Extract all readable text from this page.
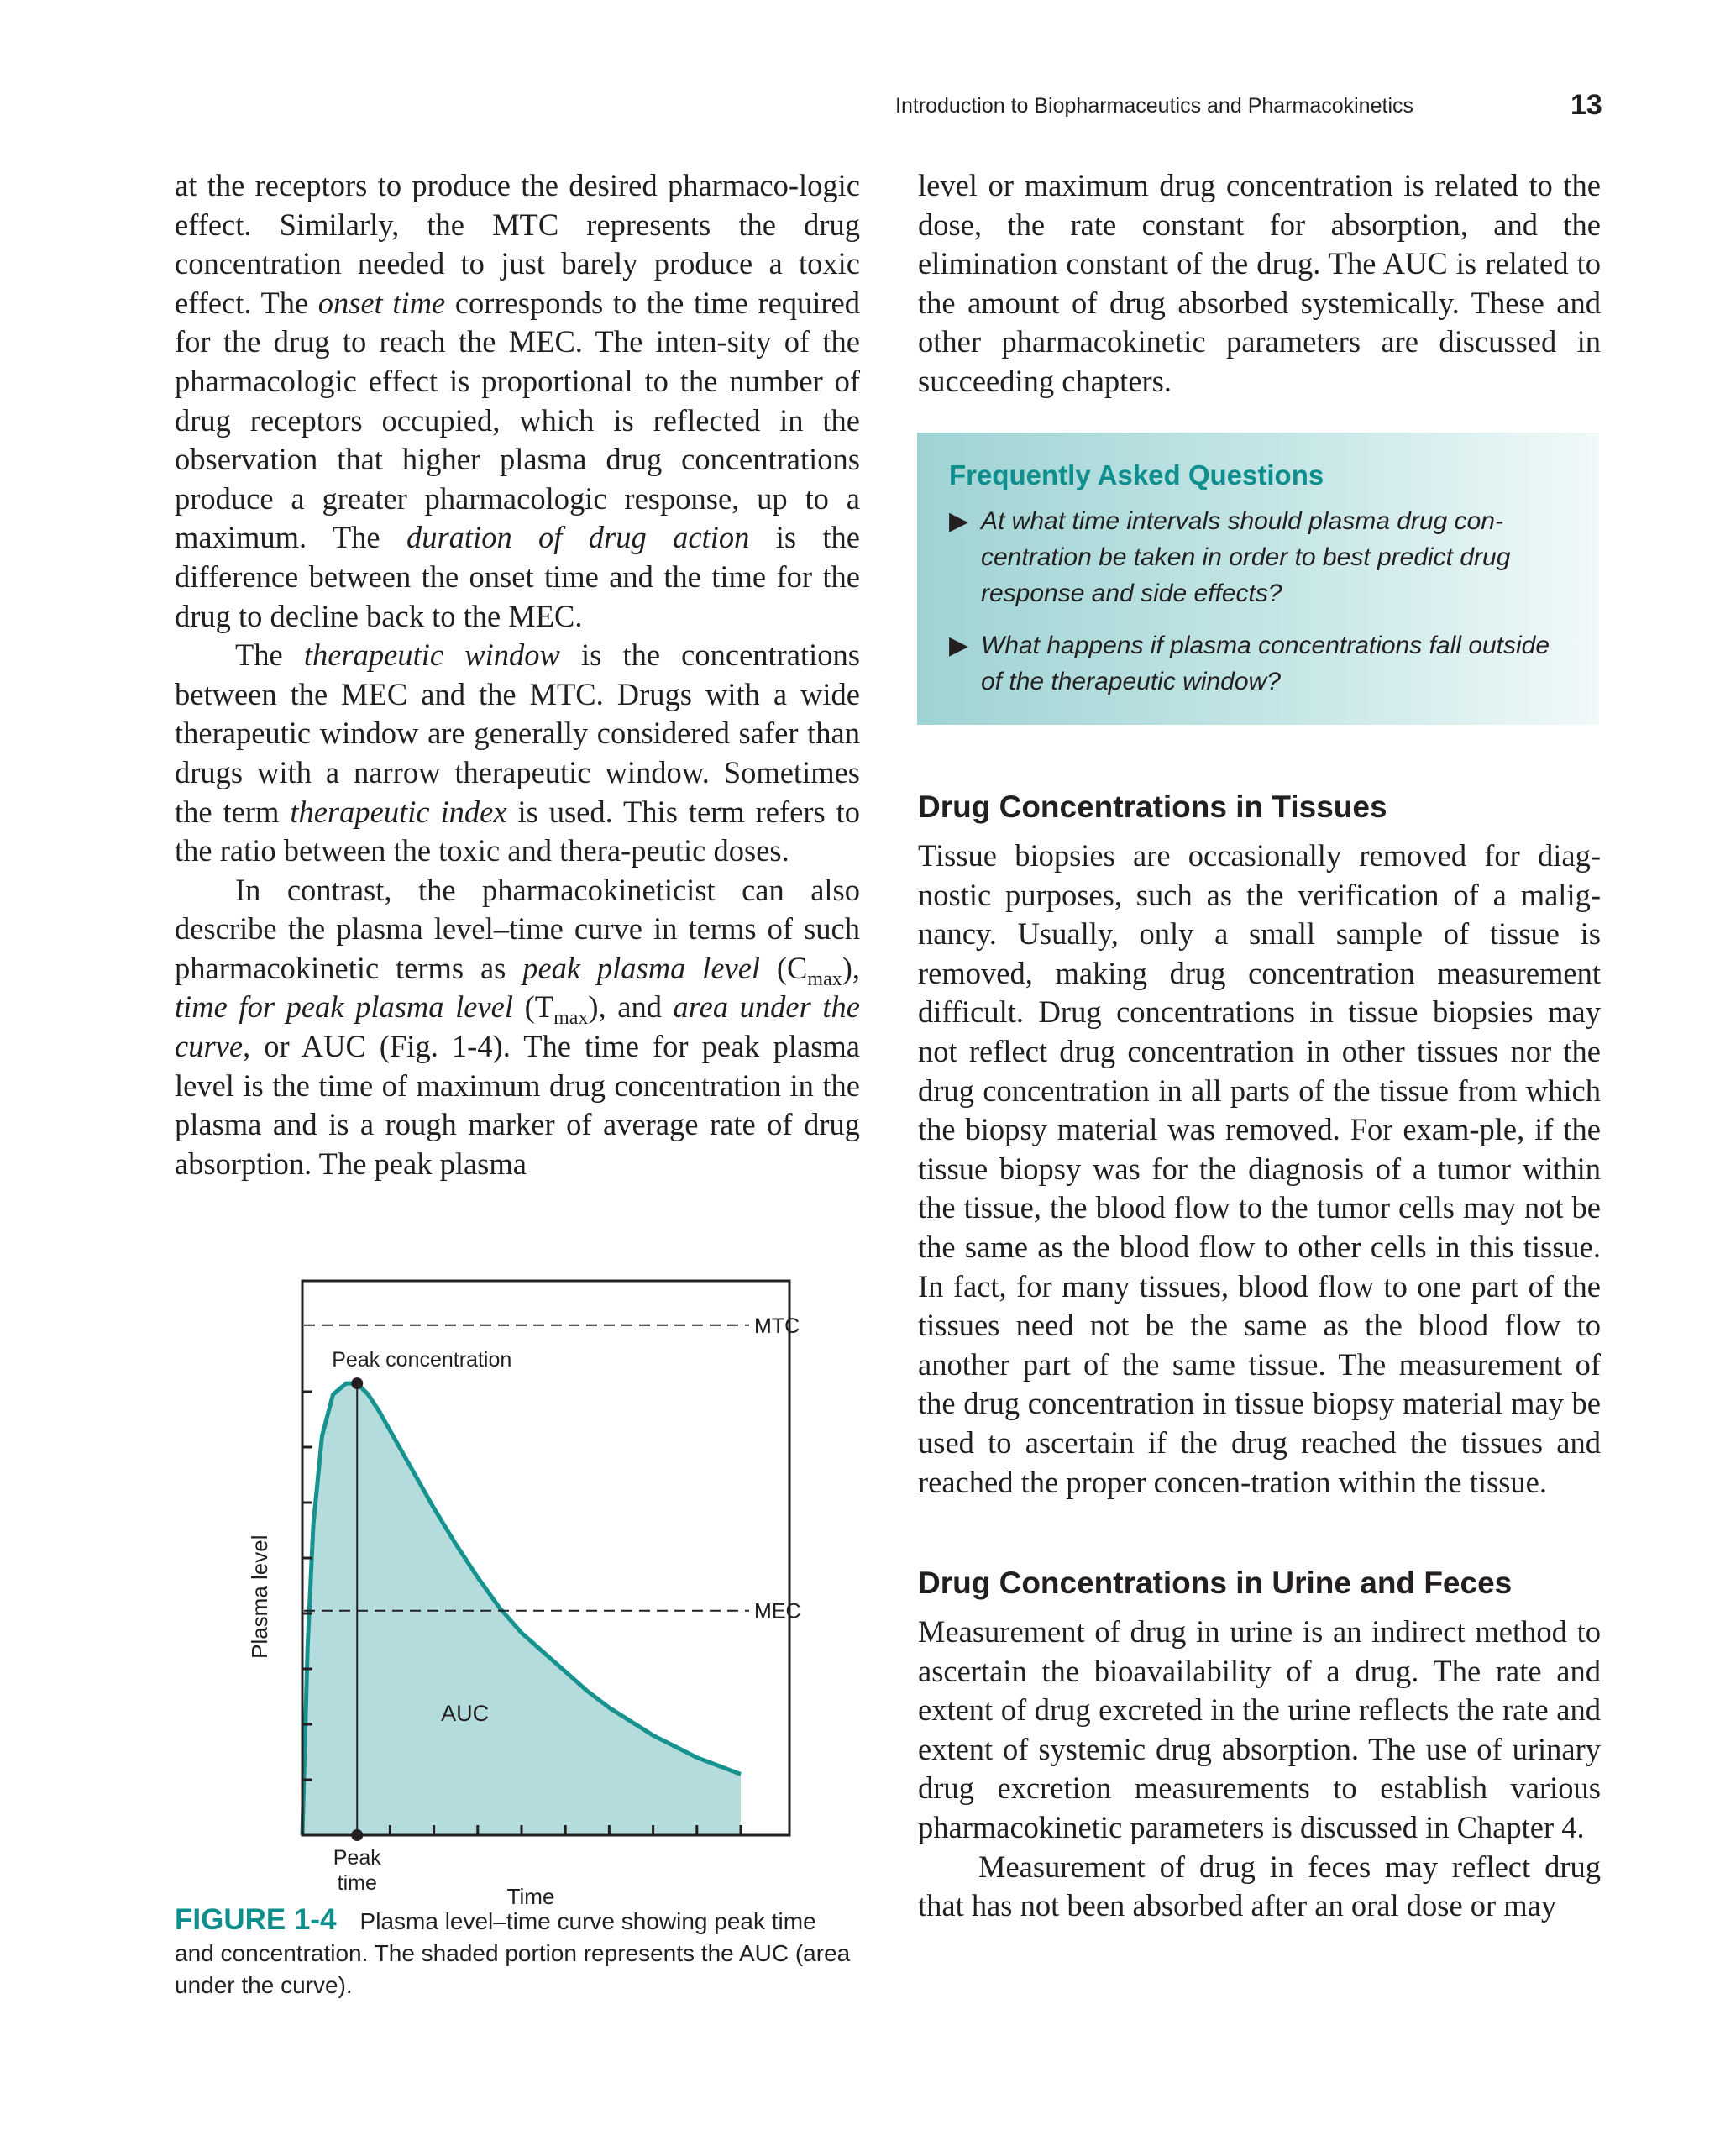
Introduction to Biopharmaceutics and Pharmacokinetics	13

at the receptors to produce the desired pharmaco-logic effect. Similarly, the MTC represents the drug concentration needed to just barely produce a toxic effect. The onset time corresponds to the time required for the drug to reach the MEC. The inten-sity of the pharmacologic effect is proportional to the number of drug receptors occupied, which is reflected in the observation that higher plasma drug concentrations produce a greater pharmacologic response, up to a maximum. The duration of drug action is the difference between the onset time and the time for the drug to decline back to the MEC.

The therapeutic window is the concentrations between the MEC and the MTC. Drugs with a wide therapeutic window are generally considered safer than drugs with a narrow therapeutic window. Sometimes the term therapeutic index is used. This term refers to the ratio between the toxic and thera-peutic doses.

In contrast, the pharmacokineticist can also describe the plasma level–time curve in terms of such pharmacokinetic terms as peak plasma level $(C_{max})$, time for peak plasma level $(T_{max})$, and area under the curve, or AUC (Fig. 1-4). The time for peak plasma level is the time of maximum drug concentration in the plasma and is a rough marker of average rate of drug absorption. The peak plasma

level or maximum drug concentration is related to the dose, the rate constant for absorption, and the elimination constant of the drug. The AUC is related to the amount of drug absorbed systemically. These and other pharmacokinetic parameters are discussed in succeeding chapters.

Frequently Asked Questions
▶ At what time intervals should plasma drug con-centration be taken in order to best predict drug response and side effects?
▶ What happens if plasma concentrations fall outside of the therapeutic window?
Drug Concentrations in Tissues

Tissue biopsies are occasionally removed for diag-nostic purposes, such as the verification of a malig-nancy. Usually, only a small sample of tissue is removed, making drug concentration measurement difficult. Drug concentrations in tissue biopsies may not reflect drug concentration in other tissues nor the drug concentration in all parts of the tissue from which the biopsy material was removed. For exam-ple, if the tissue biopsy was for the diagnosis of a tumor within the tissue, the blood flow to the tumor cells may not be the same as the blood flow to other cells in this tissue. In fact, for many tissues, blood flow to one part of the tissues need not be the same as the blood flow to another part of the same tissue. The measurement of the drug concentration in tissue biopsy material may be used to ascertain if the drug reached the tissues and reached the proper concen-tration within the tissue.

Drug Concentrations in Urine and Feces

Measurement of drug in urine is an indirect method to ascertain the bioavailability of a drug. The rate and extent of drug excreted in the urine reflects the rate and extent of systemic drug absorption. The use of urinary drug excretion measurements to establish various pharmacokinetic parameters is discussed in Chapter 4.

Measurement of drug in feces may reflect drug that has not been absorbed after an oral dose or may

MTC
MEC
Peak concentration
AUC
Peak
time
Time
Plasma level
FIGURE 1-4 Plasma level–time curve showing peak time and concentration. The shaded portion represents the AUC (area under the curve).
